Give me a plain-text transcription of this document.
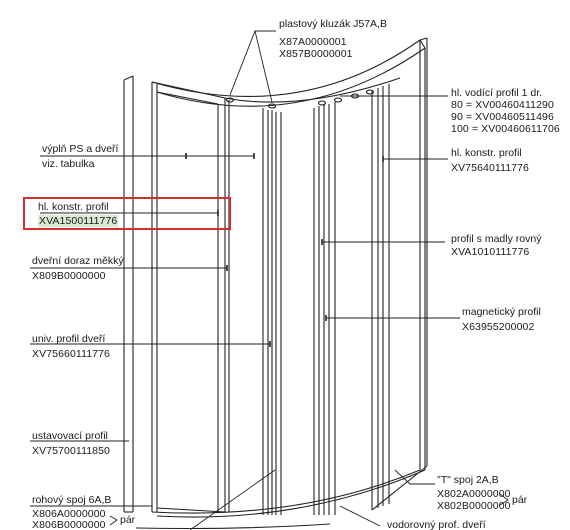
plastový kluzák J57A,B
X87A0000001
X857B0000001
hl. vodící profil 1 dr.
80 = XV00460411290
90 = XV00460511496
100 = XV00460611706
výplň PS a dveří
viz. tabulka
hl. konstr. profil
XV75640111776
hl. konstr. profil
XVA1500111776
profil s madly rovný
XVA1010111776
dveřní doraz měkký
X809B0000000
magnetický profil
X63955200002
univ. profil dveří
XV75660111776
ustavovací profil
XV75700111850
"T" spoj 2A,B
X802A0000000
X802B0000000 pár
rohový spoj 6A,B
X806A0000000
X806B0000000 pár	vodorovný prof. dveří
